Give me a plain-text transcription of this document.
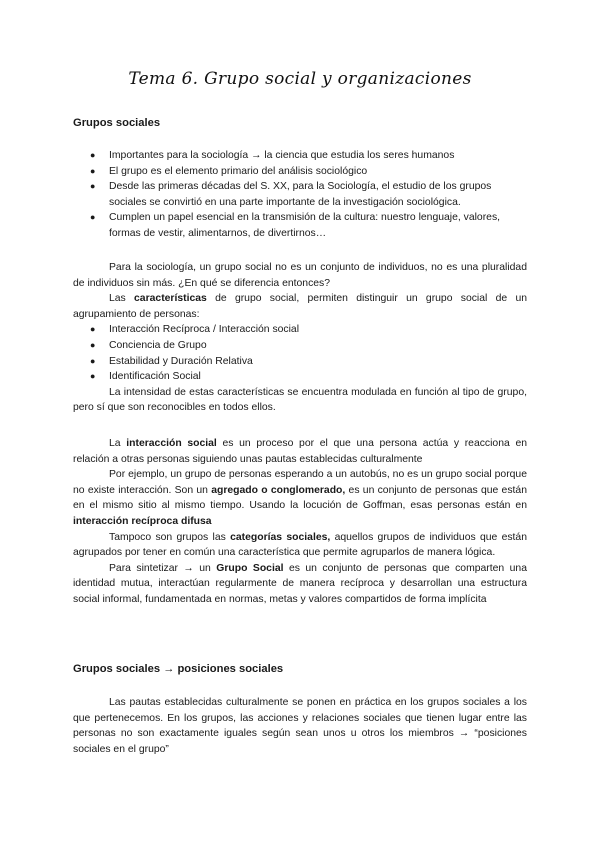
Tema 6. Grupo social y organizaciones
Grupos sociales
● Importantes para la sociología → la ciencia que estudia los seres humanos
● El grupo es el elemento primario del análisis sociológico
● Desde las primeras décadas del S. XX, para la Sociología, el estudio de los grupos sociales se convirtió en una parte importante de la investigación sociológica.
● Cumplen un papel esencial en la transmisión de la cultura: nuestro lenguaje, valores, formas de vestir, alimentarnos, de divertirnos…

Para la sociología, un grupo social no es un conjunto de individuos, no es una pluralidad de individuos sin más. ¿En qué se diferencia entonces?

Las características de grupo social, permiten distinguir un grupo social de un agrupamiento de personas:

● Interacción Recíproca / Interacción social
● Conciencia de Grupo
● Estabilidad y Duración Relativa
● Identificación Social

La intensidad de estas características se encuentra modulada en función al tipo de grupo, pero sí que son reconocibles en todos ellos.

La interacción social es un proceso por el que una persona actúa y reacciona en relación a otras personas siguiendo unas pautas establecidas culturalmente

Por ejemplo, un grupo de personas esperando a un autobús, no es un grupo social porque no existe interacción. Son un agregado o conglomerado, es un conjunto de personas que están en el mismo sitio al mismo tiempo. Usando la locución de Goffman, esas personas están en interacción recíproca difusa

Tampoco son grupos las categorías sociales, aquellos grupos de individuos que están agrupados por tener en común una característica que permite agruparlos de manera lógica.

Para sintetizar → un Grupo Social es un conjunto de personas que comparten una identidad mutua, interactúan regularmente de manera recíproca y desarrollan una estructura social informal, fundamentada en normas, metas y valores compartidos de forma implícita

Grupos sociales → posiciones sociales

Las pautas establecidas culturalmente se ponen en práctica en los grupos sociales a los que pertenecemos. En los grupos, las acciones y relaciones sociales que tienen lugar entre las personas no son exactamente iguales según sean unos u otros los miembros → “posiciones sociales en el grupo”
